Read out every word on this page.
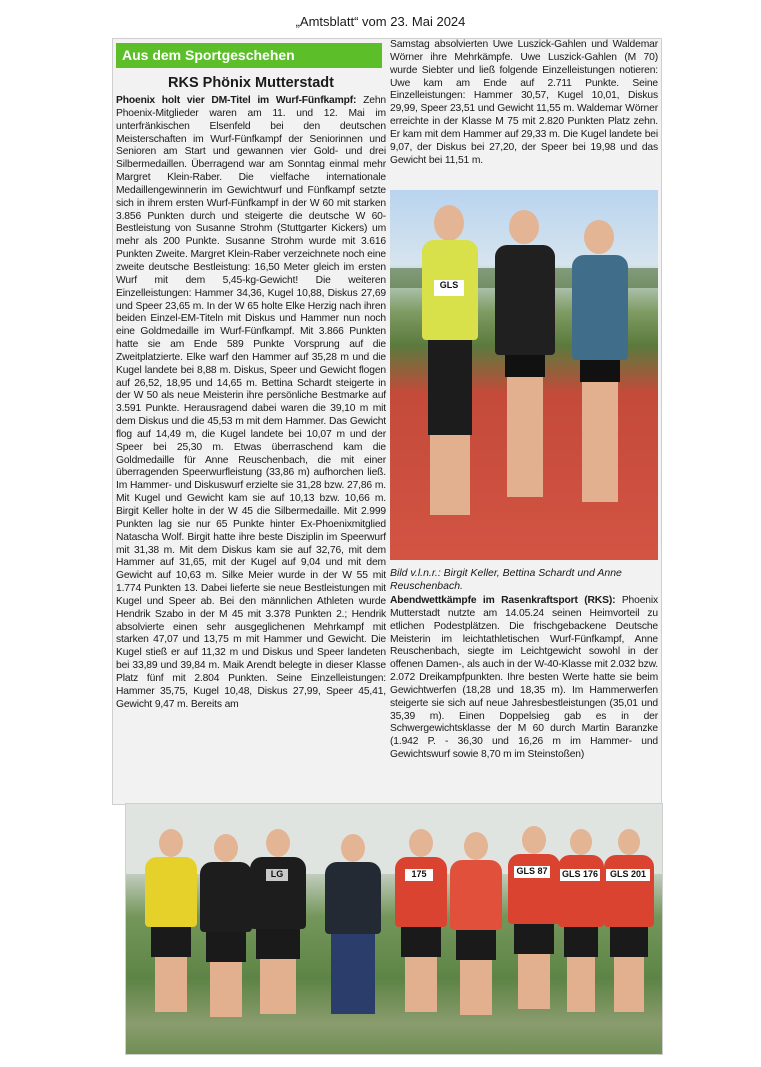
„Amtsblatt“ vom 23. Mai 2024
Aus dem Sportgeschehen
RKS Phönix Mutterstadt

Phoenix holt vier DM-Titel im Wurf-Fünfkampf: Zehn Phoenix-Mitglieder waren am 11. und 12. Mai im unterfränkischen Elsenfeld bei den deutschen Meisterschaften im Wurf-Fünfkampf der Seniorinnen und Senioren am Start und gewannen vier Gold- und drei Silbermedaillen. Überragend war am Sonntag einmal mehr Margret Klein-Raber. Die vielfache internationale Medaillengewinnerin im Gewichtwurf und Fünfkampf setzte sich in ihrem ersten Wurf-Fünfkampf in der W 60 mit starken 3.856 Punkten durch und steigerte die deutsche W 60-Bestleistung von Susanne Strohm (Stuttgarter Kickers) um mehr als 200 Punkte. Susanne Strohm wurde mit 3.616 Punkten Zweite. Margret Klein-Raber verzeichnete noch eine zweite deutsche Bestleistung: 16,50 Meter gleich im ersten Wurf mit dem 5,45-kg-Gewicht! Die weiteren Einzelleistungen: Hammer 34,36, Kugel 10,88, Diskus 27,69 und Speer 23,65 m. In der W 65 holte Elke Herzig nach ihren beiden Einzel-EM-Titeln mit Diskus und Hammer nun noch eine Goldmedaille im Wurf-Fünfkampf. Mit 3.866 Punkten hatte sie am Ende 589 Punkte Vorsprung auf die Zweitplatzierte. Elke warf den Hammer auf 35,28 m und die Kugel landete bei 8,88 m. Diskus, Speer und Gewicht flogen auf 26,52, 18,95 und 14,65 m. Bettina Schardt steigerte in der W 50 als neue Meisterin ihre persönliche Bestmarke auf 3.591 Punkte. Herausragend dabei waren die 39,10 m mit dem Diskus und die 45,53 m mit dem Hammer. Das Gewicht flog auf 14,49 m, die Kugel landete bei 10,07 m und der Speer bei 25,30 m. Etwas überraschend kam die Goldmedaille für Anne Reuschenbach, die mit einer überragenden Speerwurfleistung (33,86 m) aufhorchen ließ. Im Hammer- und Diskuswurf erzielte sie 31,28 bzw. 27,86 m. Mit Kugel und Gewicht kam sie auf 10,13 bzw. 10,66 m. Birgit Keller holte in der W 45 die Silbermedaille. Mit 2.999 Punkten lag sie nur 65 Punkte hinter Ex-Phoenixmitglied Natascha Wolf. Birgit hatte ihre beste Disziplin im Speerwurf mit 31,38 m. Mit dem Diskus kam sie auf 32,76, mit dem Hammer auf 31,65, mit der Kugel auf 9,04 und mit dem Gewicht auf 10,63 m. Silke Meier wurde in der W 55 mit 1.774 Punkten 13. Dabei lieferte sie neue Bestleistungen mit Kugel und Speer ab. Bei den männlichen Athleten wurde Hendrik Szabo in der M 45 mit 3.378 Punkten 2.; Hendrik absolvierte einen sehr ausgeglichenen Mehrkampf mit starken 47,07 und 13,75 m mit Hammer und Gewicht. Die Kugel stieß er auf 11,32 m und Diskus und Speer landeten bei 33,89 und 39,84 m. Maik Arendt belegte in dieser Klasse Platz fünf mit 2.804 Punkten. Seine Einzelleistungen: Hammer 35,75, Kugel 10,48, Diskus 27,99, Speer 45,41, Gewicht 9,47 m. Bereits am

Samstag absolvierten Uwe Luszick-Gahlen und Waldemar Wörner ihre Mehrkämpfe. Uwe Luszick-Gahlen (M 70) wurde Siebter und ließ folgende Einzelleistungen notieren: Uwe kam am Ende auf 2.711 Punkte. Seine Einzelleistungen: Hammer 30,57, Kugel 10,01, Diskus 29,99, Speer 23,51 und Gewicht 11,55 m. Waldemar Wörner erreichte in der Klasse M 75 mit 2.820 Punkten Platz zehn. Er kam mit dem Hammer auf 29,33 m. Die Kugel landete bei 9,07, der Diskus bei 27,20, der Speer bei 19,98 und das Gewicht bei 11,51 m.

GLS
Bild v.l.n.r.: Birgit Keller, Bettina Schardt und Anne Reuschenbach.

Abendwettkämpfe im Rasenkraftsport (RKS): Phoenix Mutterstadt nutzte am 14.05.24 seinen Heimvorteil zu etlichen Podestplätzen. Die frischgebackene Deutsche Meisterin im leichtathletischen Wurf-Fünfkampf, Anne Reuschenbach, siegte im Leichtgewicht sowohl in der offenen Damen-, als auch in der W-40-Klasse mit 2.032 bzw. 2.072 Dreikampfpunkten. Ihre besten Werte hatte sie beim Gewichtwerfen (18,28 und 18,35 m). Im Hammerwerfen steigerte sie sich auf neue Jahresbestleistungen (35,01 und 35,39 m). Einen Doppelsieg gab es in der Schwergewichtsklasse der M 60 durch Martin Baranzke (1.942 P. - 36,30 und 16,26 m im Hammer- und Gewichtswurf sowie 8,70 m im Steinstoßen)

LG	175	GLS 87 GLS 176	GLS 201
